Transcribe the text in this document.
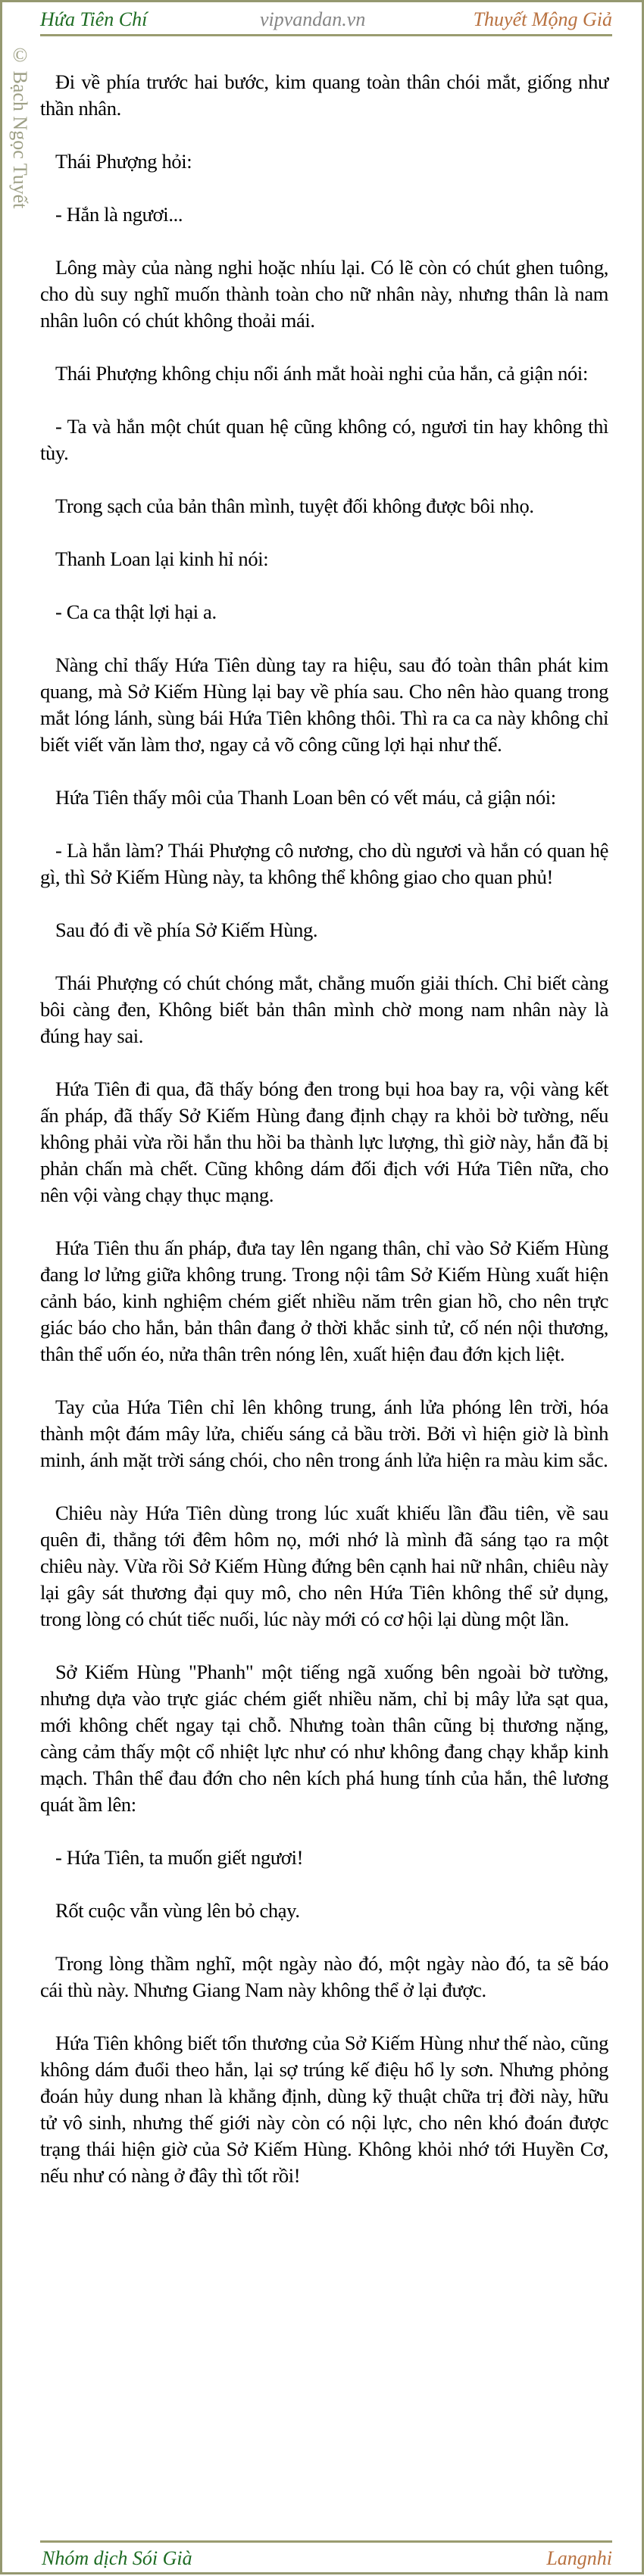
Hứa Tiên Chí	vipvandan.vn	Thuyết Mộng Giả
© Bạch Ngọc Tuyết	Đi về phía trước hai bước, kim quang toàn thân chói mắt, giống như thần nhân.

Thái Phượng hỏi:

- Hắn là ngươi...

Lông mày của nàng nghi hoặc nhíu lại. Có lẽ còn có chút ghen tuông, cho dù suy nghĩ muốn thành toàn cho nữ nhân này, nhưng thân là nam nhân luôn có chút không thoải mái.

Thái Phượng không chịu nổi ánh mắt hoài nghi của hắn, cả giận nói:

- Ta và hắn một chút quan hệ cũng không có, ngươi tin hay không thì tùy.

Trong sạch của bản thân mình, tuyệt đối không được bôi nhọ.

Thanh Loan lại kinh hỉ nói:

- Ca ca thật lợi hại a.

Nàng chỉ thấy Hứa Tiên dùng tay ra hiệu, sau đó toàn thân phát kim quang, mà Sở Kiếm Hùng lại bay về phía sau. Cho nên hào quang trong mắt lóng lánh, sùng bái Hứa Tiên không thôi. Thì ra ca ca này không chỉ biết viết văn làm thơ, ngay cả võ công cũng lợi hại như thế.

Hứa Tiên thấy môi của Thanh Loan bên có vết máu, cả giận nói:

- Là hắn làm? Thái Phượng cô nương, cho dù ngươi và hắn có quan hệ gì, thì Sở Kiếm Hùng này, ta không thể không giao cho quan phủ!

Sau đó đi về phía Sở Kiếm Hùng.

Thái Phượng có chút chóng mắt, chẳng muốn giải thích. Chỉ biết càng bôi càng đen, Không biết bản thân mình chờ mong nam nhân này là đúng hay sai.

Hứa Tiên đi qua, đã thấy bóng đen trong bụi hoa bay ra, vội vàng kết ấn pháp, đã thấy Sở Kiếm Hùng đang định chạy ra khỏi bờ tường, nếu không phải vừa rồi hắn thu hồi ba thành lực lượng, thì giờ này, hắn đã bị phản chấn mà chết. Cũng không dám đối địch với Hứa Tiên nữa, cho nên vội vàng chạy thục mạng.

Hứa Tiên thu ấn pháp, đưa tay lên ngang thân, chỉ vào Sở Kiếm Hùng đang lơ lửng giữa không trung. Trong nội tâm Sở Kiếm Hùng xuất hiện cảnh báo, kinh nghiệm chém giết nhiều năm trên gian hồ, cho nên trực giác báo cho hắn, bản thân đang ở thời khắc sinh tử, cố nén nội thương, thân thể uốn éo, nửa thân trên nóng lên, xuất hiện đau đớn kịch liệt.

Tay của Hứa Tiên chỉ lên không trung, ánh lửa phóng lên trời, hóa thành một đám mây lửa, chiếu sáng cả bầu trời. Bởi vì hiện giờ là bình minh, ánh mặt trời sáng chói, cho nên trong ánh lửa hiện ra màu kim sắc.

Chiêu này Hứa Tiên dùng trong lúc xuất khiếu lần đầu tiên, về sau quên đi, thẳng tới đêm hôm nọ, mới nhớ là mình đã sáng tạo ra một chiêu này. Vừa rồi Sở Kiếm Hùng đứng bên cạnh hai nữ nhân, chiêu này lại gây sát thương đại quy mô, cho nên Hứa Tiên không thể sử dụng, trong lòng có chút tiếc nuối, lúc này mới có cơ hội lại dùng một lần.

Sở Kiếm Hùng "Phanh" một tiếng ngã xuống bên ngoài bờ tường, nhưng dựa vào trực giác chém giết nhiều năm, chỉ bị mây lửa sạt qua, mới không chết ngay tại chỗ. Nhưng toàn thân cũng bị thương nặng, càng cảm thấy một cổ nhiệt lực như có như không đang chạy khắp kinh mạch. Thân thể đau đớn cho nên kích phá hung tính của hắn, thê lương quát ầm lên:

- Hứa Tiên, ta muốn giết ngươi!

Rốt cuộc vẫn vùng lên bỏ chạy.

Trong lòng thầm nghĩ, một ngày nào đó, một ngày nào đó, ta sẽ báo cái thù này. Nhưng Giang Nam này không thể ở lại được.

Hứa Tiên không biết tổn thương của Sở Kiếm Hùng như thế nào, cũng không dám đuổi theo hắn, lại sợ trúng kế điệu hổ ly sơn. Nhưng phỏng đoán hủy dung nhan là khẳng định, dùng kỹ thuật chữa trị đời này, hữu tử vô sinh, nhưng thế giới này còn có nội lực, cho nên khó đoán được trạng thái hiện giờ của Sở Kiếm Hùng. Không khỏi nhớ tới Huyền Cơ, nếu như có nàng ở đây thì tốt rồi!

Nhóm dịch Sói Già	Langnhi
